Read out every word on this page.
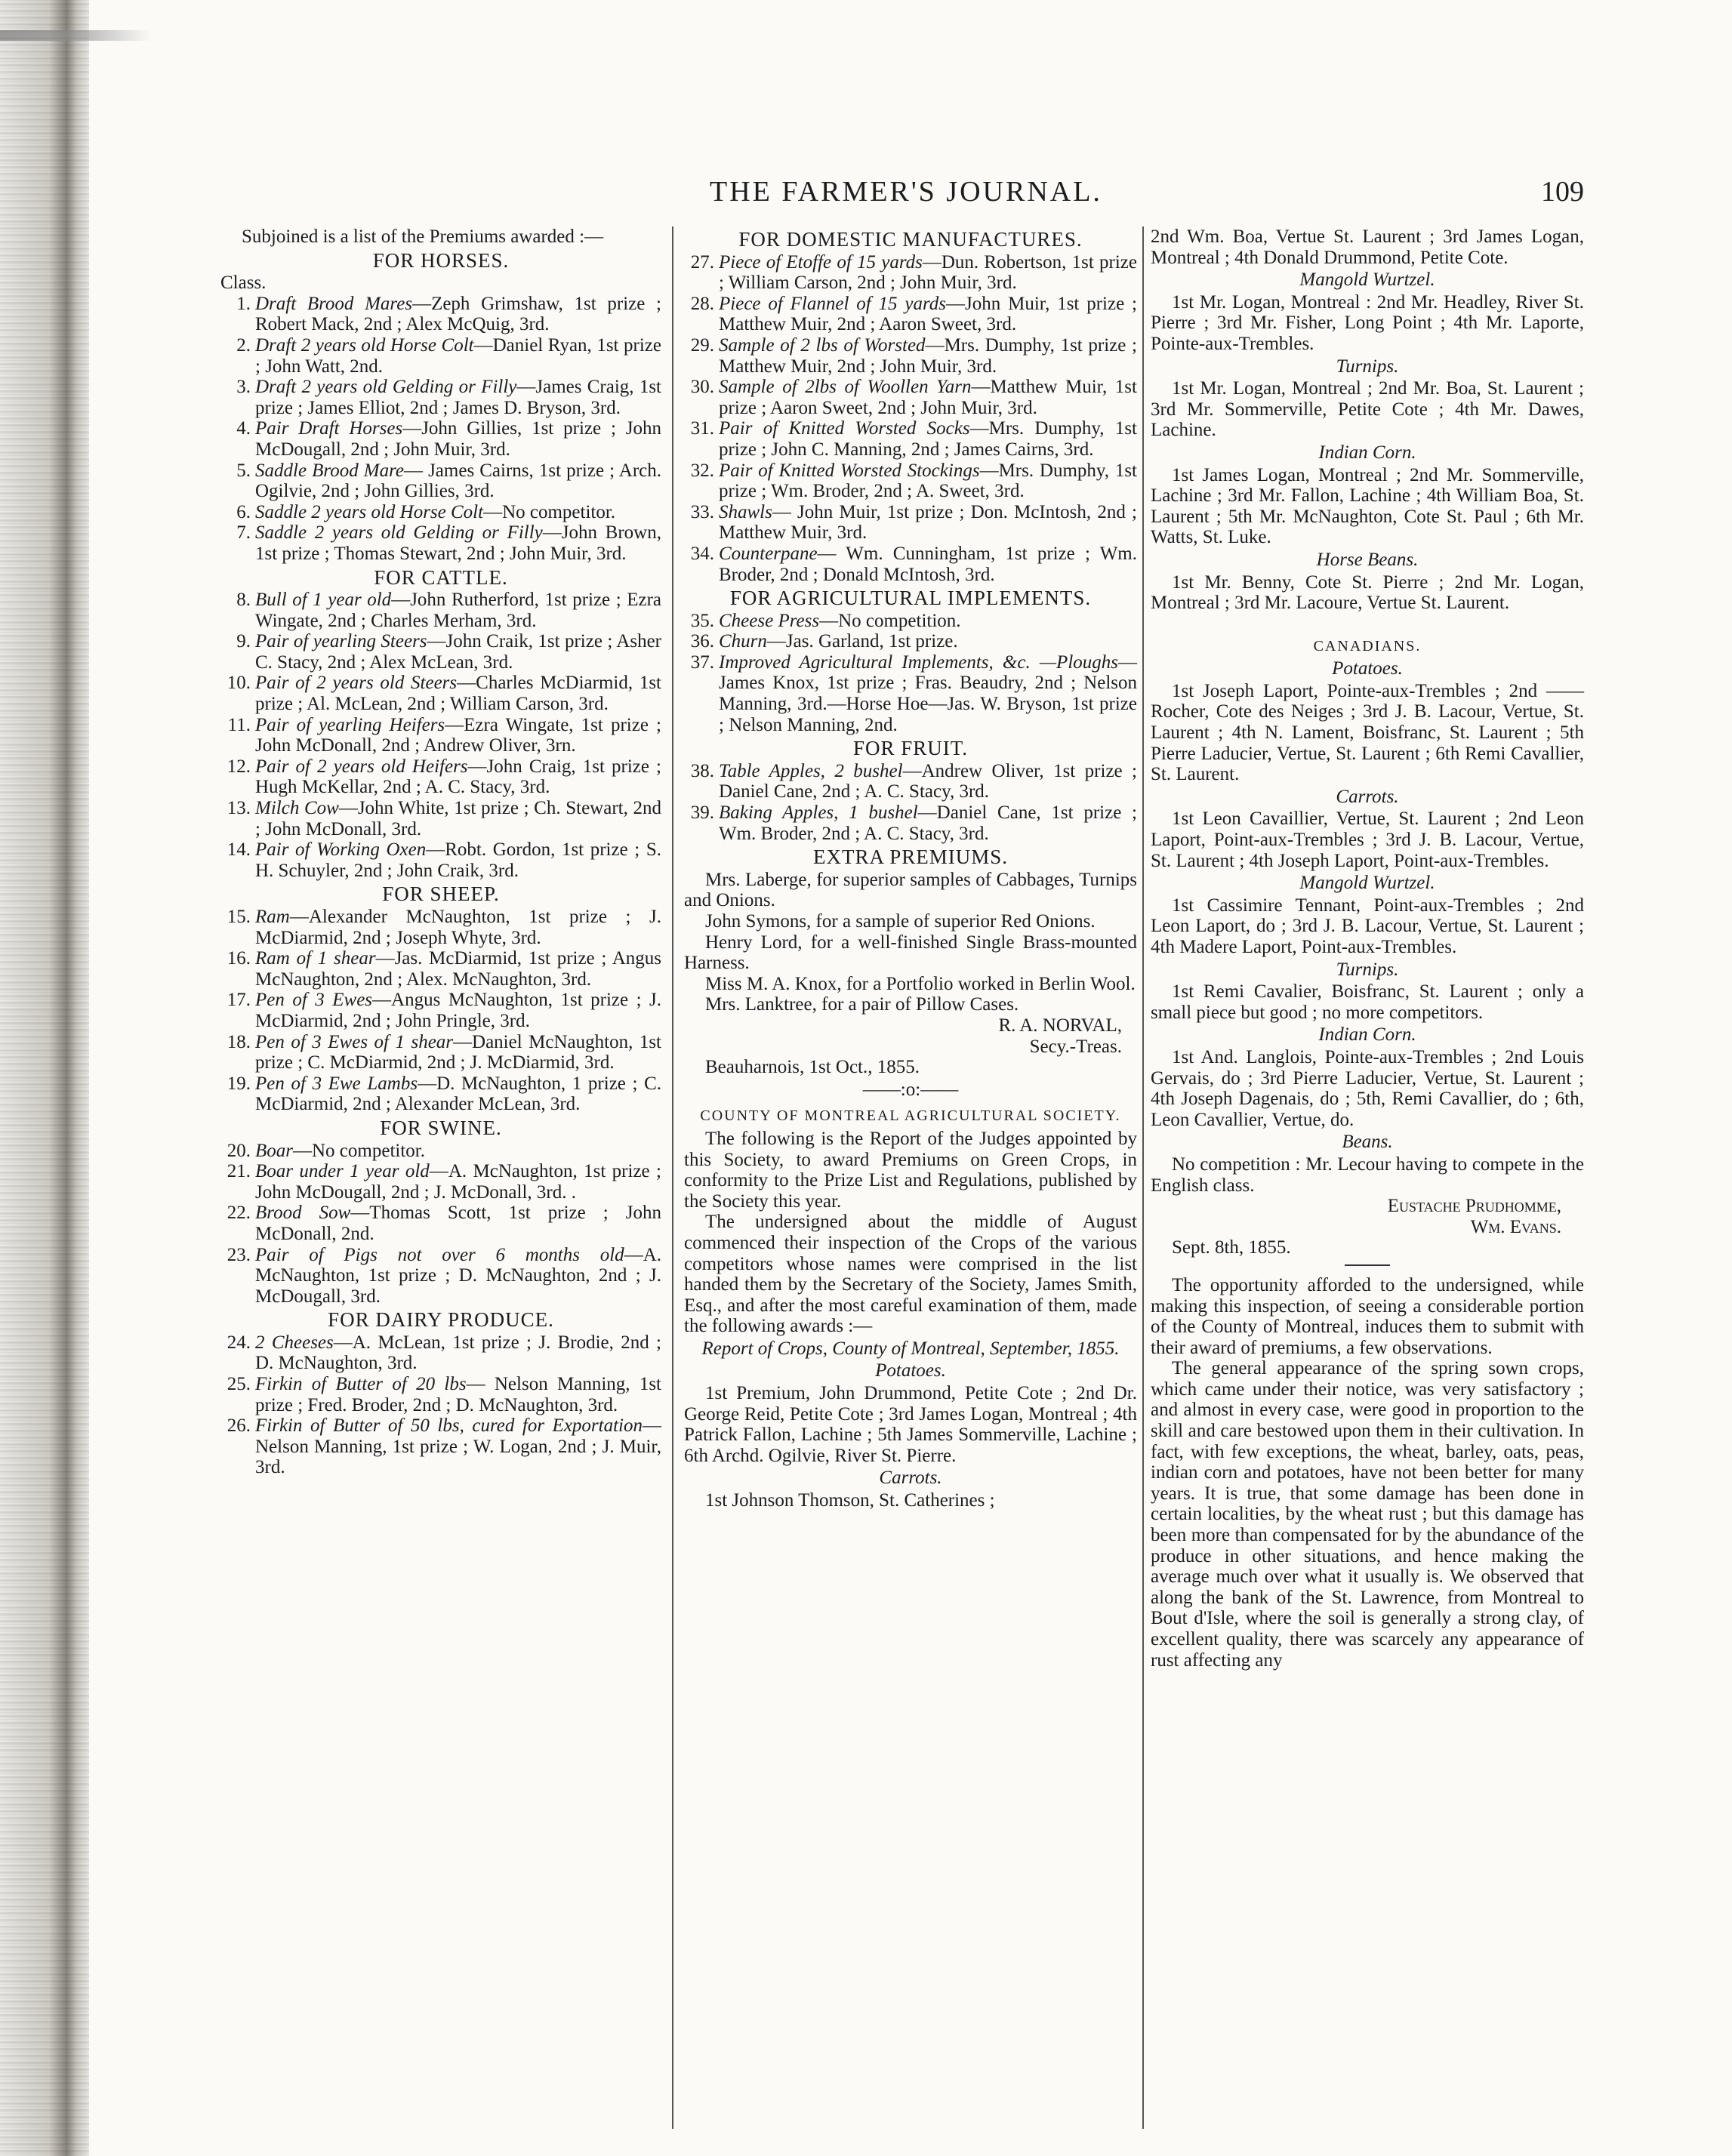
THE FARMER'S JOURNAL.	109

Subjoined is a list of the Premiums awarded :—

FOR HORSES.

Class.

1. Draft Brood Mares—Zeph Grimshaw, 1st prize ; Robert Mack, 2nd ; Alex McQuig, 3rd.

2. Draft 2 years old Horse Colt—Daniel Ryan, 1st prize ; John Watt, 2nd.

3. Draft 2 years old Gelding or Filly—James Craig, 1st prize ; James Elliot, 2nd ; James D. Bryson, 3rd.

4. Pair Draft Horses—John Gillies, 1st prize ; John McDougall, 2nd ; John Muir, 3rd.

5. Saddle Brood Mare— James Cairns, 1st prize ; Arch. Ogilvie, 2nd ; John Gillies, 3rd.

6. Saddle 2 years old Horse Colt—No competitor.

7. Saddle 2 years old Gelding or Filly—John Brown, 1st prize ; Thomas Stewart, 2nd ; John Muir, 3rd.

FOR CATTLE.

8. Bull of 1 year old—John Rutherford, 1st prize ; Ezra Wingate, 2nd ; Charles Merham, 3rd.

9. Pair of yearling Steers—John Craik, 1st prize ; Asher C. Stacy, 2nd ; Alex McLean, 3rd.

10. Pair of 2 years old Steers—Charles McDiarmid, 1st prize ; Al. McLean, 2nd ; William Carson, 3rd.

11. Pair of yearling Heifers—Ezra Wingate, 1st prize ; John McDonall, 2nd ; Andrew Oliver, 3rn.

12. Pair of 2 years old Heifers—John Craig, 1st prize ; Hugh McKellar, 2nd ; A. C. Stacy, 3rd.

13. Milch Cow—John White, 1st prize ; Ch. Stewart, 2nd ; John McDonall, 3rd.

14. Pair of Working Oxen—Robt. Gordon, 1st prize ; S. H. Schuyler, 2nd ; John Craik, 3rd.

FOR SHEEP.

15. Ram—Alexander McNaughton, 1st prize ; J. McDiarmid, 2nd ; Joseph Whyte, 3rd.

16. Ram of 1 shear—Jas. McDiarmid, 1st prize ; Angus McNaughton, 2nd ; Alex. McNaughton, 3rd.

17. Pen of 3 Ewes—Angus McNaughton, 1st prize ; J. McDiarmid, 2nd ; John Pringle, 3rd.

18. Pen of 3 Ewes of 1 shear—Daniel McNaughton, 1st prize ; C. McDiarmid, 2nd ; J. McDiarmid, 3rd.

19. Pen of 3 Ewe Lambs—D. McNaughton, 1 prize ; C. McDiarmid, 2nd ; Alexander McLean, 3rd.

FOR SWINE.

20. Boar—No competitor.

21. Boar under 1 year old—A. McNaughton, 1st prize ; John McDougall, 2nd ; J. McDonall, 3rd. .

22. Brood Sow—Thomas Scott, 1st prize ; John McDonall, 2nd.

23. Pair of Pigs not over 6 months old—A. McNaughton, 1st prize ; D. McNaughton, 2nd ; J. McDougall, 3rd.

FOR DAIRY PRODUCE.

24. 2 Cheeses—A. McLean, 1st prize ; J. Brodie, 2nd ; D. McNaughton, 3rd.

25. Firkin of Butter of 20 lbs— Nelson Manning, 1st prize ; Fred. Broder, 2nd ; D. McNaughton, 3rd.

26. Firkin of Butter of 50 lbs, cured for Exportation—Nelson Manning, 1st prize ; W. Logan, 2nd ; J. Muir, 3rd.

FOR DOMESTIC MANUFACTURES.

27. Piece of Etoffe of 15 yards—Dun. Robertson, 1st prize ; William Carson, 2nd ; John Muir, 3rd.

28. Piece of Flannel of 15 yards—John Muir, 1st prize ; Matthew Muir, 2nd ; Aaron Sweet, 3rd.

29. Sample of 2 lbs of Worsted—Mrs. Dumphy, 1st prize ; Matthew Muir, 2nd ; John Muir, 3rd.

30. Sample of 2lbs of Woollen Yarn—Matthew Muir, 1st prize ; Aaron Sweet, 2nd ; John Muir, 3rd.

31. Pair of Knitted Worsted Socks—Mrs. Dumphy, 1st prize ; John C. Manning, 2nd ; James Cairns, 3rd.

32. Pair of Knitted Worsted Stockings—Mrs. Dumphy, 1st prize ; Wm. Broder, 2nd ; A. Sweet, 3rd.

33. Shawls— John Muir, 1st prize ; Don. McIntosh, 2nd ; Matthew Muir, 3rd.

34. Counterpane— Wm. Cunningham, 1st prize ; Wm. Broder, 2nd ; Donald McIntosh, 3rd.

FOR AGRICULTURAL IMPLEMENTS.

35. Cheese Press—No competition.

36. Churn—Jas. Garland, 1st prize.

37. Improved Agricultural Implements, &c. —Ploughs— James Knox, 1st prize ; Fras. Beaudry, 2nd ; Nelson Manning, 3rd.—Horse Hoe—Jas. W. Bryson, 1st prize ; Nelson Manning, 2nd.

FOR FRUIT.

38. Table Apples, 2 bushel—Andrew Oliver, 1st prize ; Daniel Cane, 2nd ; A. C. Stacy, 3rd.

39. Baking Apples, 1 bushel—Daniel Cane, 1st prize ; Wm. Broder, 2nd ; A. C. Stacy, 3rd.

EXTRA PREMIUMS.

Mrs. Laberge, for superior samples of Cabbages, Turnips and Onions.

John Symons, for a sample of superior Red Onions.

Henry Lord, for a well-finished Single Brass-mounted Harness.

Miss M. A. Knox, for a Portfolio worked in Berlin Wool.

Mrs. Lanktree, for a pair of Pillow Cases.

R. A. NORVAL,

Secy.-Treas.

Beauharnois, 1st Oct., 1855.

——:o:——

COUNTY OF MONTREAL AGRICULTURAL SOCIETY.

The following is the Report of the Judges appointed by this Society, to award Premiums on Green Crops, in conformity to the Prize List and Regulations, published by the Society this year.

The undersigned about the middle of August commenced their inspection of the Crops of the various competitors whose names were comprised in the list handed them by the Secretary of the Society, James Smith, Esq., and after the most careful examination of them, made the following awards :—

Report of Crops, County of Montreal, September, 1855.
Potatoes.

1st Premium, John Drummond, Petite Cote ; 2nd Dr. George Reid, Petite Cote ; 3rd James Logan, Montreal ; 4th Patrick Fallon, Lachine ; 5th James Sommerville, Lachine ; 6th Archd. Ogilvie, River St. Pierre.

Carrots.

1st Johnson Thomson, St. Catherines ;

2nd Wm. Boa, Vertue St. Laurent ; 3rd James Logan, Montreal ; 4th Donald Drummond, Petite Cote.

Mangold Wurtzel.

1st Mr. Logan, Montreal : 2nd Mr. Headley, River St. Pierre ; 3rd Mr. Fisher, Long Point ; 4th Mr. Laporte, Pointe-aux-Trembles.

Turnips.

1st Mr. Logan, Montreal ; 2nd Mr. Boa, St. Laurent ; 3rd Mr. Sommerville, Petite Cote ; 4th Mr. Dawes, Lachine.

Indian Corn.

1st James Logan, Montreal ; 2nd Mr. Sommerville, Lachine ; 3rd Mr. Fallon, Lachine ; 4th William Boa, St. Laurent ; 5th Mr. McNaughton, Cote St. Paul ; 6th Mr. Watts, St. Luke.

Horse Beans.

1st Mr. Benny, Cote St. Pierre ; 2nd Mr. Logan, Montreal ; 3rd Mr. Lacoure, Vertue St. Laurent.

CANADIANS.
Potatoes.

1st Joseph Laport, Pointe-aux-Trembles ; 2nd —— Rocher, Cote des Neiges ; 3rd J. B. Lacour, Vertue, St. Laurent ; 4th N. Lament, Boisfranc, St. Laurent ; 5th Pierre Laducier, Vertue, St. Laurent ; 6th Remi Cavallier, St. Laurent.

Carrots.

1st Leon Cavaillier, Vertue, St. Laurent ; 2nd Leon Laport, Point-aux-Trembles ; 3rd J. B. Lacour, Vertue, St. Laurent ; 4th Joseph Laport, Point-aux-Trembles.

Mangold Wurtzel.

1st Cassimire Tennant, Point-aux-Trembles ; 2nd Leon Laport, do ; 3rd J. B. Lacour, Vertue, St. Laurent ; 4th Madere Laport, Point-aux-Trembles.

Turnips.

1st Remi Cavalier, Boisfranc, St. Laurent ; only a small piece but good ; no more competitors.

Indian Corn.

1st And. Langlois, Pointe-aux-Trembles ; 2nd Louis Gervais, do ; 3rd Pierre Laducier, Vertue, St. Laurent ; 4th Joseph Dagenais, do ; 5th, Remi Cavallier, do ; 6th, Leon Cavallier, Vertue, do.

Beans.

No competition : Mr. Lecour having to compete in the English class.

Eustache Prudhomme,

Wm. Evans.

Sept. 8th, 1855.

The opportunity afforded to the undersigned, while making this inspection, of seeing a considerable portion of the County of Montreal, induces them to submit with their award of premiums, a few observations.

The general appearance of the spring sown crops, which came under their notice, was very satisfactory ; and almost in every case, were good in proportion to the skill and care bestowed upon them in their cultivation. In fact, with few exceptions, the wheat, barley, oats, peas, indian corn and potatoes, have not been better for many years. It is true, that some damage has been done in certain localities, by the wheat rust ; but this damage has been more than compensated for by the abundance of the produce in other situations, and hence making the average much over what it usually is. We observed that along the bank of the St. Lawrence, from Montreal to Bout d'Isle, where the soil is generally a strong clay, of excellent quality, there was scarcely any appearance of rust affecting any
